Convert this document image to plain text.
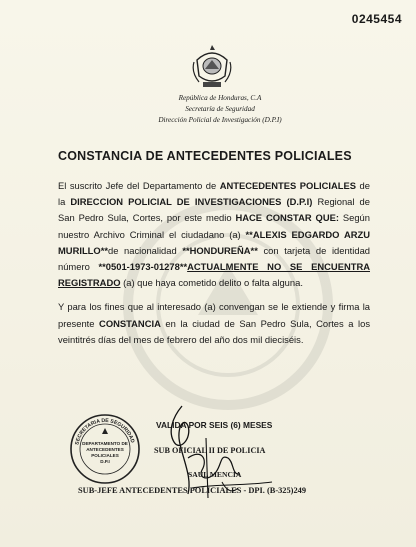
0245454
República de Honduras, C.A
Secretaría de Seguridad
Dirección Policial de Investigación (D.P.I)
CONSTANCIA DE ANTECEDENTES POLICIALES

El suscrito Jefe del Departamento de ANTECEDENTES POLICIALES de la DIRECCION POLICIAL DE INVESTIGACIONES (D.P.I) Regional de San Pedro Sula, Cortes, por este medio HACE CONSTAR QUE: Según nuestro Archivo Criminal el ciudadano (a) **ALEXIS EDGARDO ARZU MURILLO**de nacionalidad **HONDUREÑA** con tarjeta de identidad número **0501-1973-01278**ACTUALMENTE NO SE ENCUENTRA REGISTRADO (a) que haya cometido delito o falta alguna.

Y para los fines que al interesado (a) convengan se le extiende y firma la presente CONSTANCIA en la ciudad de San Pedro Sula, Cortes a los veintitrés días del mes de febrero del año dos mil dieciséis.

SECRETARIA DE SEGURIDAD
DEPARTAMENTO DE
ANTECEDENTES
POLICIALES
D.P.I
VALIDA POR SEIS (6) MESES
SUB OFICIAL II DE POLICIA
SAUL MENCIA
SUB-JEFE ANTECEDENTES POLICIALES - DPI. (B-325)249
